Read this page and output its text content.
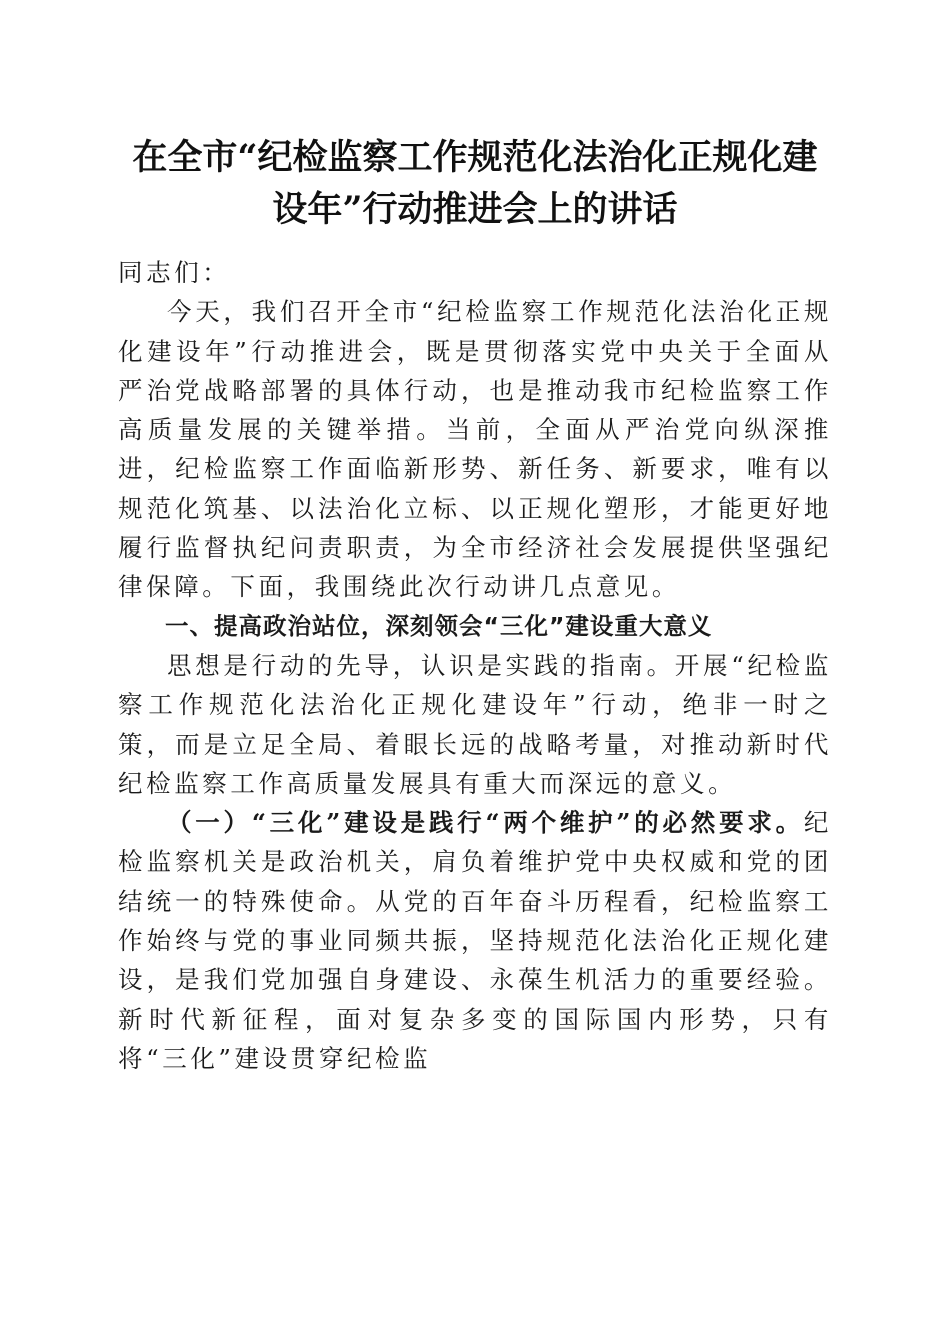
在全市“纪检监察工作规范化法治化正规化建设年”行动推进会上的讲话

同志们：

今天，我们召开全市“纪检监察工作规范化法治化正规化建设年”行动推进会，既是贯彻落实党中央关于全面从严治党战略部署的具体行动，也是推动我市纪检监察工作高质量发展的关键举措。当前，全面从严治党向纵深推进，纪检监察工作面临新形势、新任务、新要求，唯有以规范化筑基、以法治化立标、以正规化塑形，才能更好地履行监督执纪问责职责，为全市经济社会发展提供坚强纪律保障。下面，我围绕此次行动讲几点意见。

一、提高政治站位，深刻领会“三化”建设重大意义

思想是行动的先导，认识是实践的指南。开展“纪检监察工作规范化法治化正规化建设年”行动，绝非一时之策，而是立足全局、着眼长远的战略考量，对推动新时代纪检监察工作高质量发展具有重大而深远的意义。

（一）“三化”建设是践行“两个维护”的必然要求。纪检监察机关是政治机关，肩负着维护党中央权威和党的团结统一的特殊使命。从党的百年奋斗历程看，纪检监察工作始终与党的事业同频共振，坚持规范化法治化正规化建设，是我们党加强自身建设、永葆生机活力的重要经验。新时代新征程，面对复杂多变的国际国内形势，只有将“三化”建设贯穿纪检监
